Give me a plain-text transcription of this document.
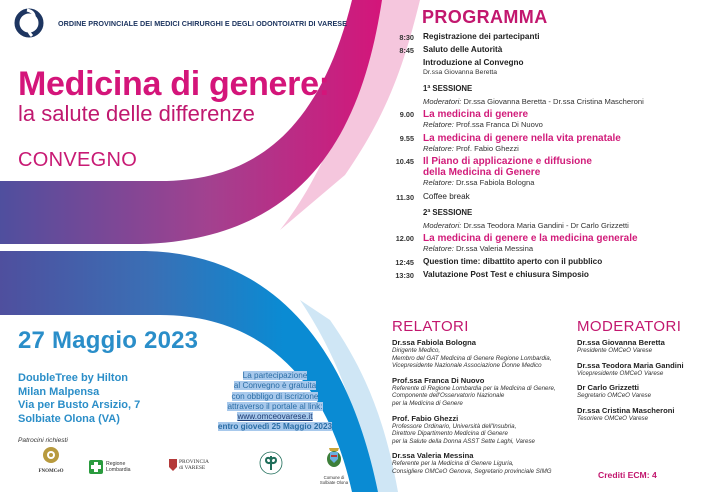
ORDINE PROVINCIALE DEI MEDICI CHIRURGHI E DEGLI ODONTOIATRI DI VARESE
Medicina di genere:
la salute delle differenze
CONVEGNO
27 Maggio 2023
DoubleTree by Hilton
Milan Malpensa
Via per Busto Arsizio, 7
Solbiate Olona (VA)
La partecipazione
al Convegno è gratuita
con obbligo di iscrizione
attraverso il portale al link:
www.omceovarese.it
entro giovedì 25 Maggio 2023
Patrocini richiesti
FNOMCeO
Regione
Lombardia
PROVINCIA
di VARESE
Comune di
Solbiate Olona
PROGRAMMA
8:30 Registrazione dei partecipanti
8:45 Saluto delle Autorità
Introduzione al Convegno
Dr.ssa Giovanna Beretta
1ª SESSIONE
Moderatori: Dr.ssa Giovanna Beretta - Dr.ssa Cristina Mascheroni
9.00 La medicina di genere
Relatore: Prof.ssa Franca Di Nuovo
9.55 La medicina di genere nella vita prenatale
Relatore: Prof. Fabio Ghezzi
10.45 Il Piano di applicazione e diffusione
della Medicina di Genere
Relatore: Dr.ssa Fabiola Bologna
11.30 Coffee break
2ª SESSIONE
Moderatori: Dr.ssa Teodora Maria Gandini - Dr Carlo Grizzetti
12.00 La medicina di genere e la medicina generale
Relatore: Dr.ssa Valeria Messina
12:45 Question time: dibattito aperto con il pubblico
13:30 Valutazione Post Test e chiusura Simposio
RELATORI
Dr.ssa Fabiola Bologna
Dirigente Medico,
Membro del GAT Medicina di Genere Regione Lombardia,
Vicepresidente Nazionale Associazione Donne Medico
Prof.ssa Franca Di Nuovo
Referente di Regione Lombardia per la Medicina di Genere,
Componente dell'Osservatorio Nazionale
per la Medicina di Genere
Prof. Fabio Ghezzi
Professore Ordinario, Università dell'Insubria,
Direttore Dipartimento Medicina di Genere
per la Salute della Donna ASST Sette Laghi, Varese
Dr.ssa Valeria Messina
Referente per la Medicina di Genere Liguria,
Consigliere OMCeO Genova, Segretario provinciale SIMG
MODERATORI
Dr.ssa Giovanna Beretta
Presidente OMCeO Varese
Dr.ssa Teodora Maria Gandini
Vicepresidente OMCeO Varese
Dr Carlo Grizzetti
Segretario OMCeO Varese
Dr.ssa Cristina Mascheroni
Tesoriere OMCeO Varese
Crediti ECM: 4
